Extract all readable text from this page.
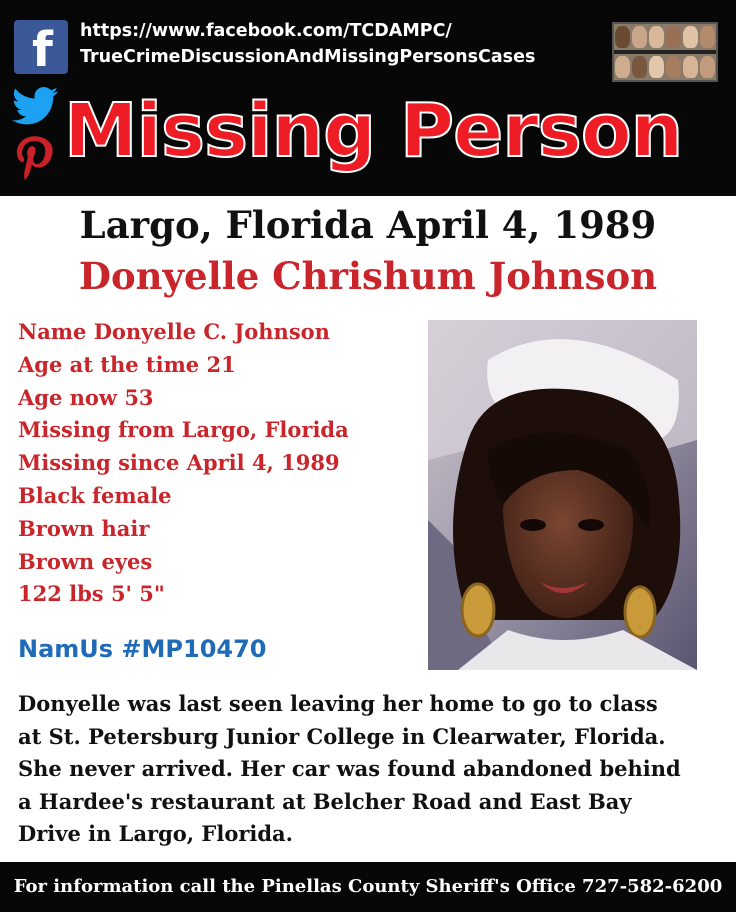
f https://www.facebook.com/TCDAMPC/
TrueCrimeDiscussionAndMissingPersonsCases
Missing Person
Largo, Florida April 4, 1989
Donyelle Chrishum Johnson
Name Donyelle C. Johnson
Age at the time 21
Age now 53
Missing from Largo, Florida
Missing since April 4, 1989
Black female
Brown hair
Brown eyes
122 lbs 5' 5"
NamUs #MP10470
Donyelle was last seen leaving her home to go to class
at St. Petersburg Junior College in Clearwater, Florida.
She never arrived. Her car was found abandoned behind
a Hardee's restaurant at Belcher Road and East Bay
Drive in Largo, Florida.
For information call the Pinellas County Sheriff's Office 727-582-6200
